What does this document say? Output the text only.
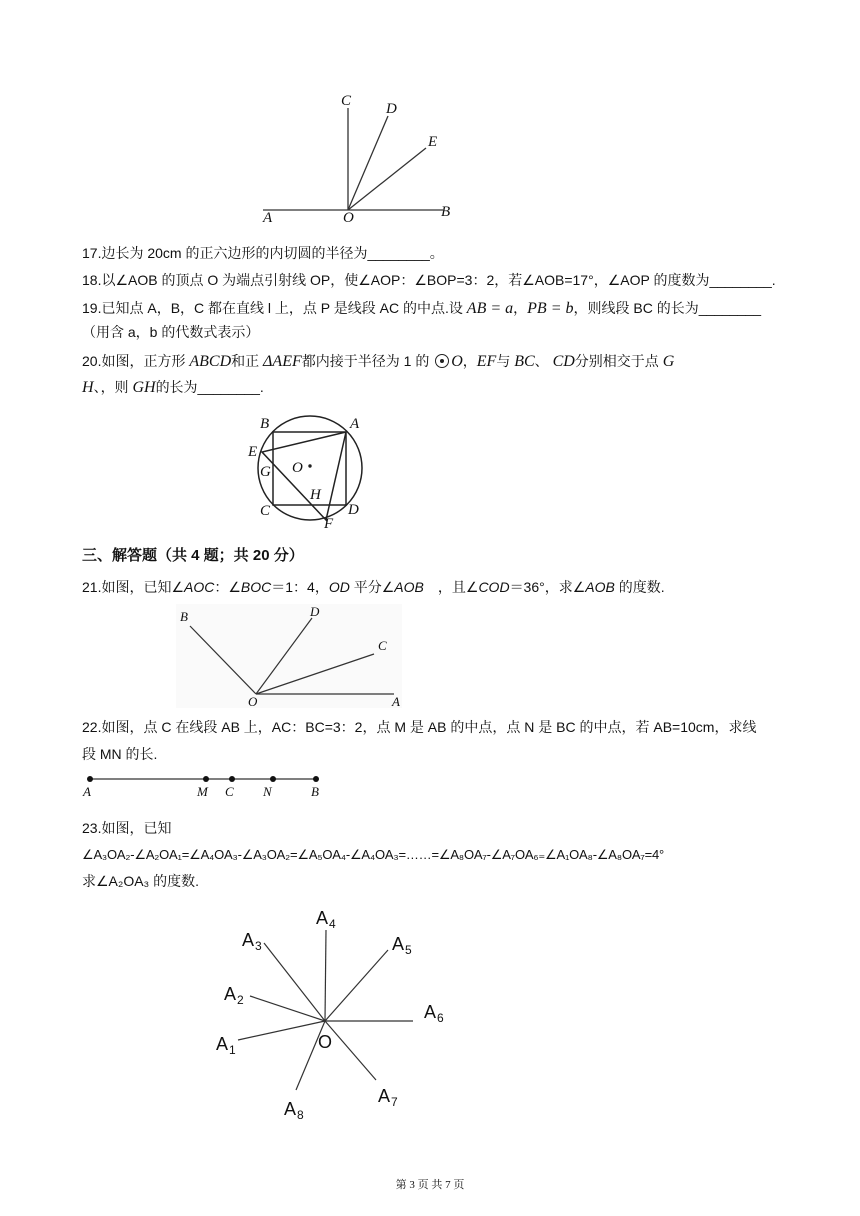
C D
E
A	O	B
17.边长为 20cm 的正六边形的内切圆的半径为________。
18.以∠AOB 的顶点 O 为端点引射线 OP，使∠AOP：∠BOP=3：2，若∠AOB=17°，∠AOP 的度数为________.
19.已知点 A，B，C 都在直线 l 上，点 P 是线段 AC 的中点.设 AB = a，PB = b，则线段 BC 的长为________
（用含 a，b 的代数式表示）
20.如图，正方形 ABCD和正 ΔAEF都内接于半径为 1 的 O，EF与 BC、 CD分别相交于点 G
H、，则 GH的长为________.
B	A
E
G O
H
C
F
D
三、解答题（共 4 题；共 20 分）
21.如图，已知∠AOC：∠BOC＝1：4，OD 平分∠AOB　，且∠COD＝36°，求∠AOB 的度数.
B	D
C
O	A
22.如图，点 C 在线段 AB 上，AC：BC=3：2，点 M 是 AB 的中点，点 N 是 BC 的中点，若 AB=10cm，求线
段 MN 的长.
A	M C N	B
23.如图，已知
∠A₃OA₂-∠A₂OA₁=∠A₄OA₃-∠A₃OA₂=∠A₅OA₄-∠A₄OA₃=……=∠A₈OA₇-∠A₇OA₆₌∠A₁OA₈-∠A₈OA₇=4°
求∠A₂OA₃ 的度数.
A 4
A 3	A 5
A 2
A 6
A 1	O
A 7
A 8
第 3 页 共 7 页
